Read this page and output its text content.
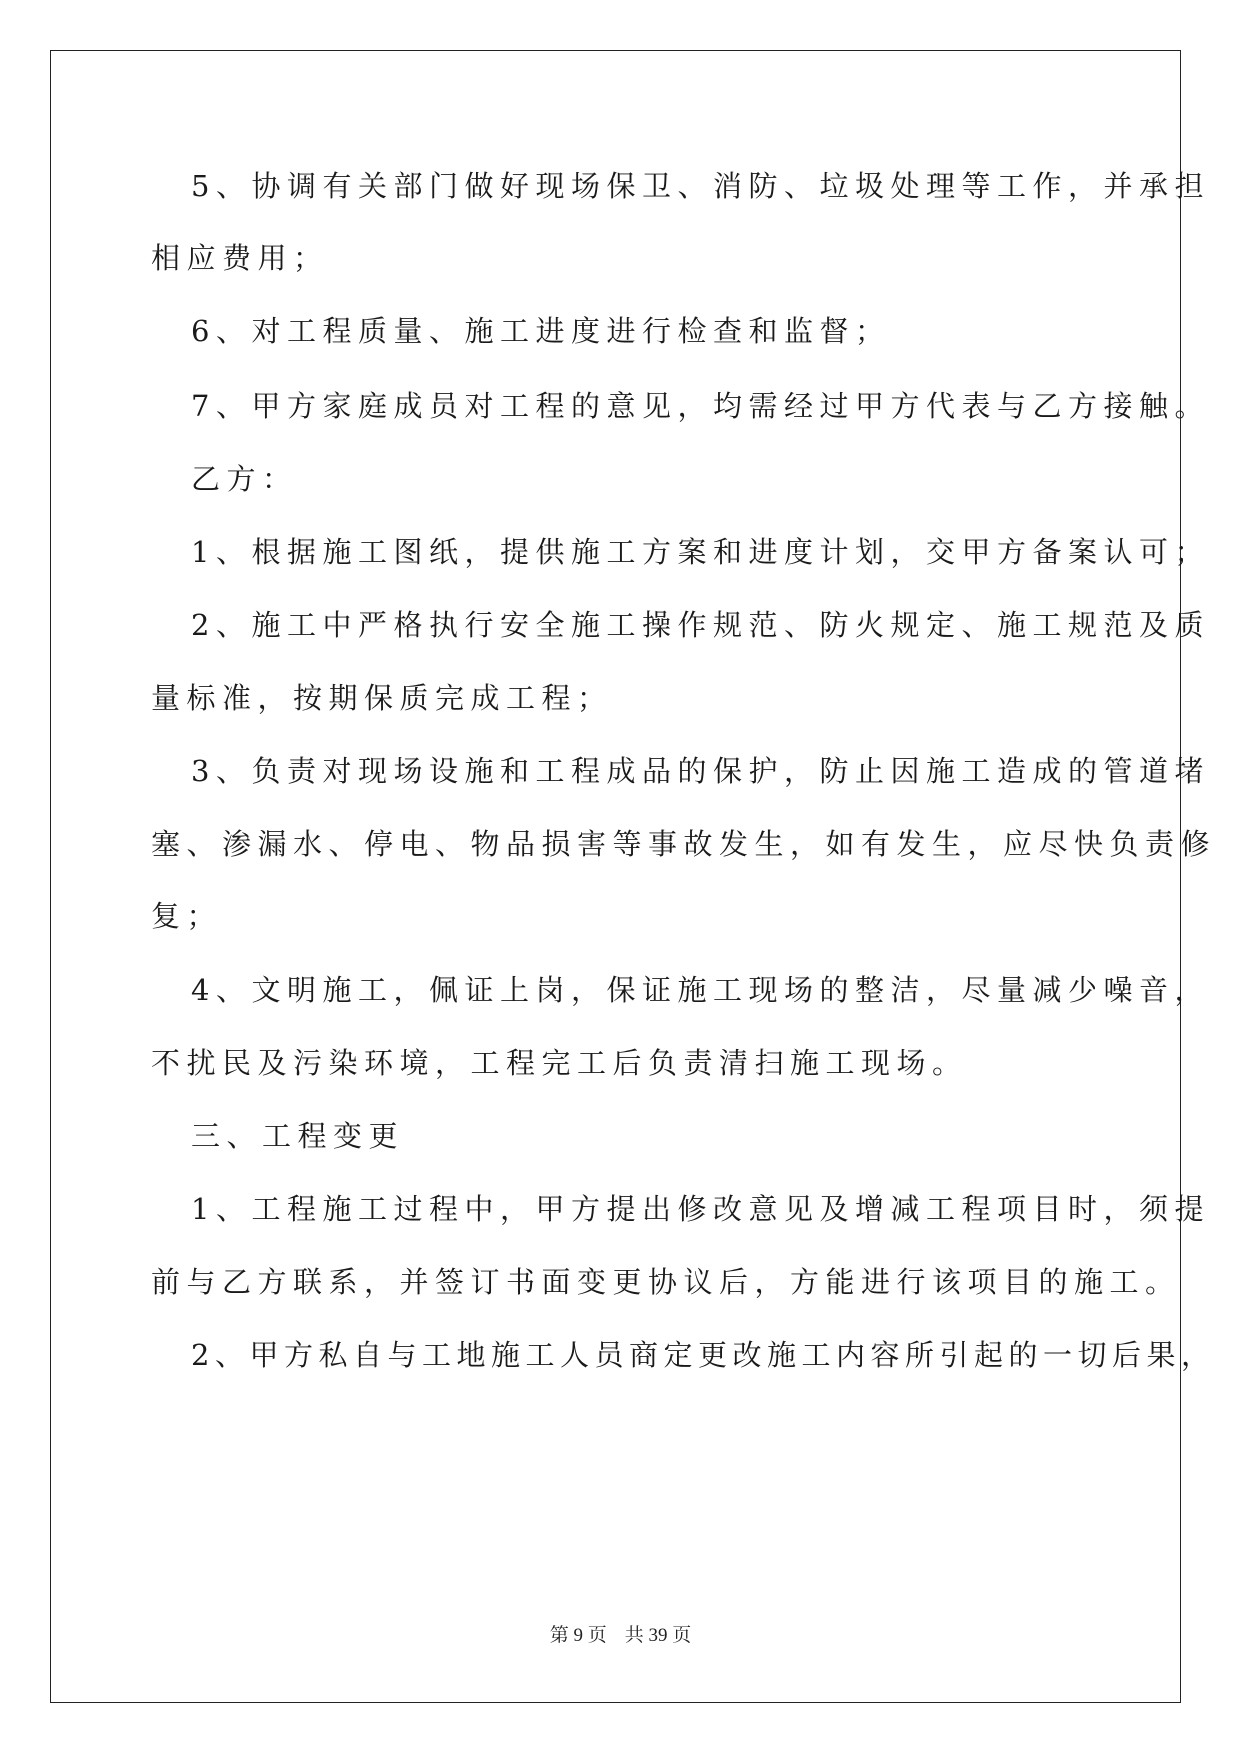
5、协调有关部门做好现场保卫、消防、垃圾处理等工作，并承担
相应费用；
6、对工程质量、施工进度进行检查和监督；
7、甲方家庭成员对工程的意见，均需经过甲方代表与乙方接触。
乙方：
1、根据施工图纸，提供施工方案和进度计划，交甲方备案认可；
2、施工中严格执行安全施工操作规范、防火规定、施工规范及质
量标准，按期保质完成工程；
3、负责对现场设施和工程成品的保护，防止因施工造成的管道堵
塞、渗漏水、停电、物品损害等事故发生，如有发生，应尽快负责修
复；
4、文明施工，佩证上岗，保证施工现场的整洁，尽量减少噪音，
不扰民及污染环境，工程完工后负责清扫施工现场。
三、工程变更
1、工程施工过程中，甲方提出修改意见及增减工程项目时，须提
前与乙方联系，并签订书面变更协议后，方能进行该项目的施工。
2、甲方私自与工地施工人员商定更改施工内容所引起的一切后果，
第 9 页 共 39 页
